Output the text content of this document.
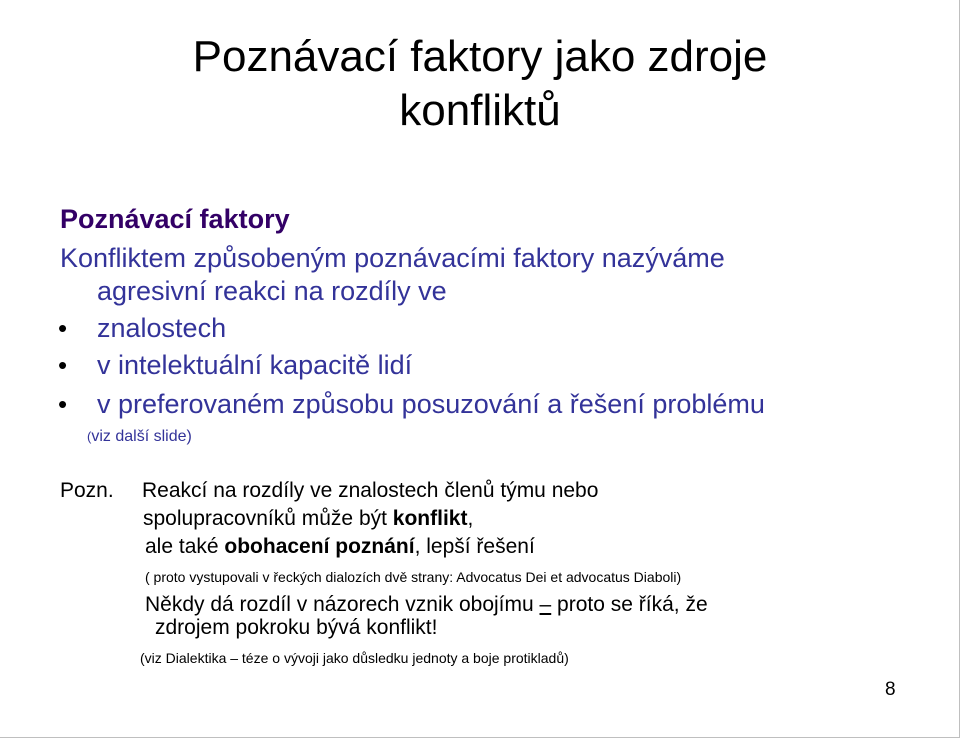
Poznávací faktory jako zdroje
konfliktů
Poznávací faktory
Konfliktem způsobeným poznávacími faktory nazýváme
agresivní reakci na rozdíly ve
• znalostech
• v intelektuální kapacitě lidí
• v preferovaném způsobu posuzování a řešení problému
(viz další slide)
Pozn. Reakcí na rozdíly ve znalostech členů týmu nebo
spolupracovníků může být konflikt,
ale také obohacení poznání, lepší řešení
( proto vystupovali v řeckých dialozích dvě strany: Advocatus Dei et advocatus Diaboli)
Někdy dá rozdíl v názorech vznik obojímu – proto se říká, že
zdrojem pokroku bývá konflikt!
(viz Dialektika – téze o vývoji jako důsledku jednoty a boje protikladů)
8
